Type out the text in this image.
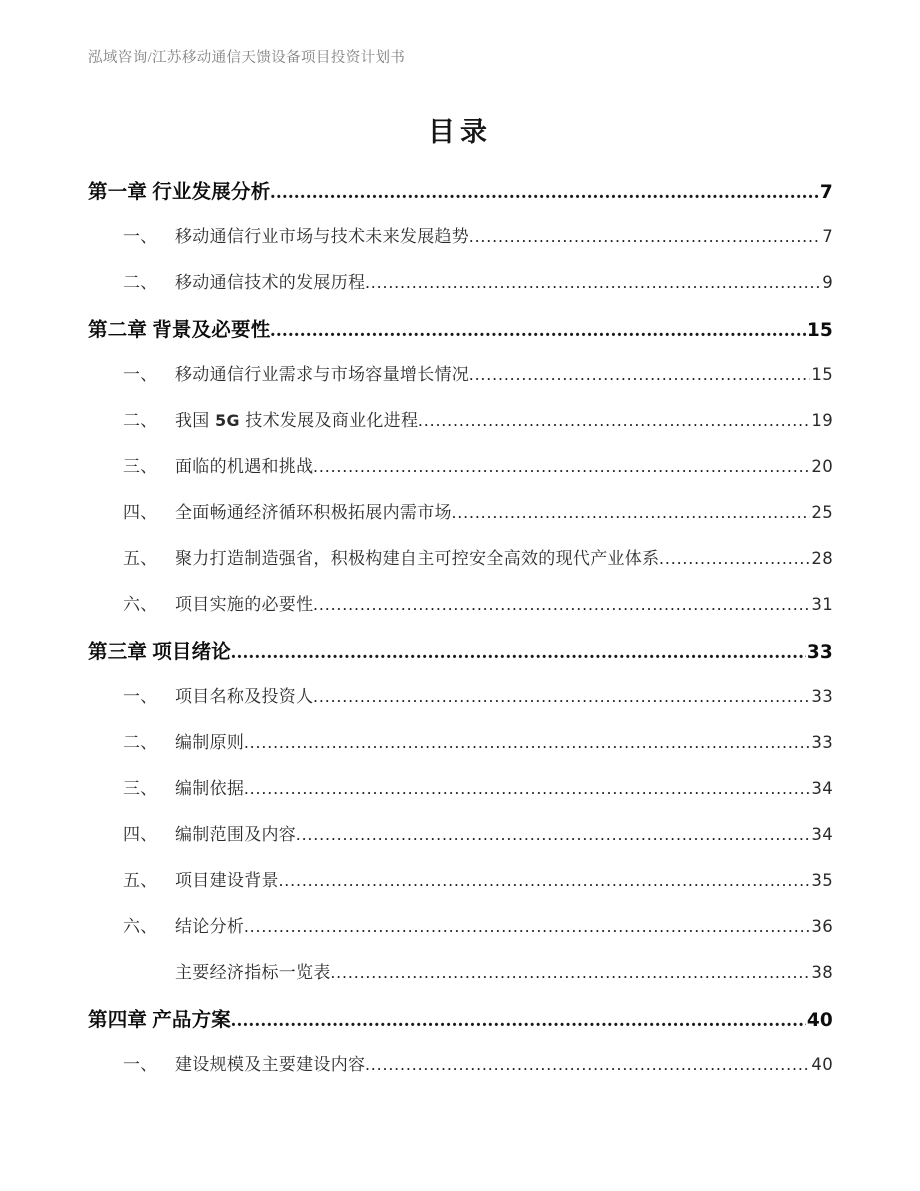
泓域咨询/江苏移动通信天馈设备项目投资计划书
目录
第一章 行业发展分析 .....	7
一、	移动通信行业市场与技术未来发展趋势 .....	7
二、	移动通信技术的发展历程 .....	9
第二章 背景及必要性 .....	15
一、	移动通信行业需求与市场容量增长情况 .....	15
二、	我国 5G 技术发展及商业化进程 .....	19
三、	面临的机遇和挑战 .....	20
四、	全面畅通经济循环积极拓展内需市场 .....	25
五、	聚力打造制造强省，积极构建自主可控安全高效的现代产业体系 .....	28
六、	项目实施的必要性 .....	31
第三章 项目绪论 .....	33
一、	项目名称及投资人 .....	33
二、	编制原则 .....	33
三、	编制依据 .....	34
四、	编制范围及内容 .....	34
五、	项目建设背景 .....	35
六、	结论分析 .....	36
主要经济指标一览表 .....	38
第四章 产品方案 .....	40
一、	建设规模及主要建设内容 .....	40
